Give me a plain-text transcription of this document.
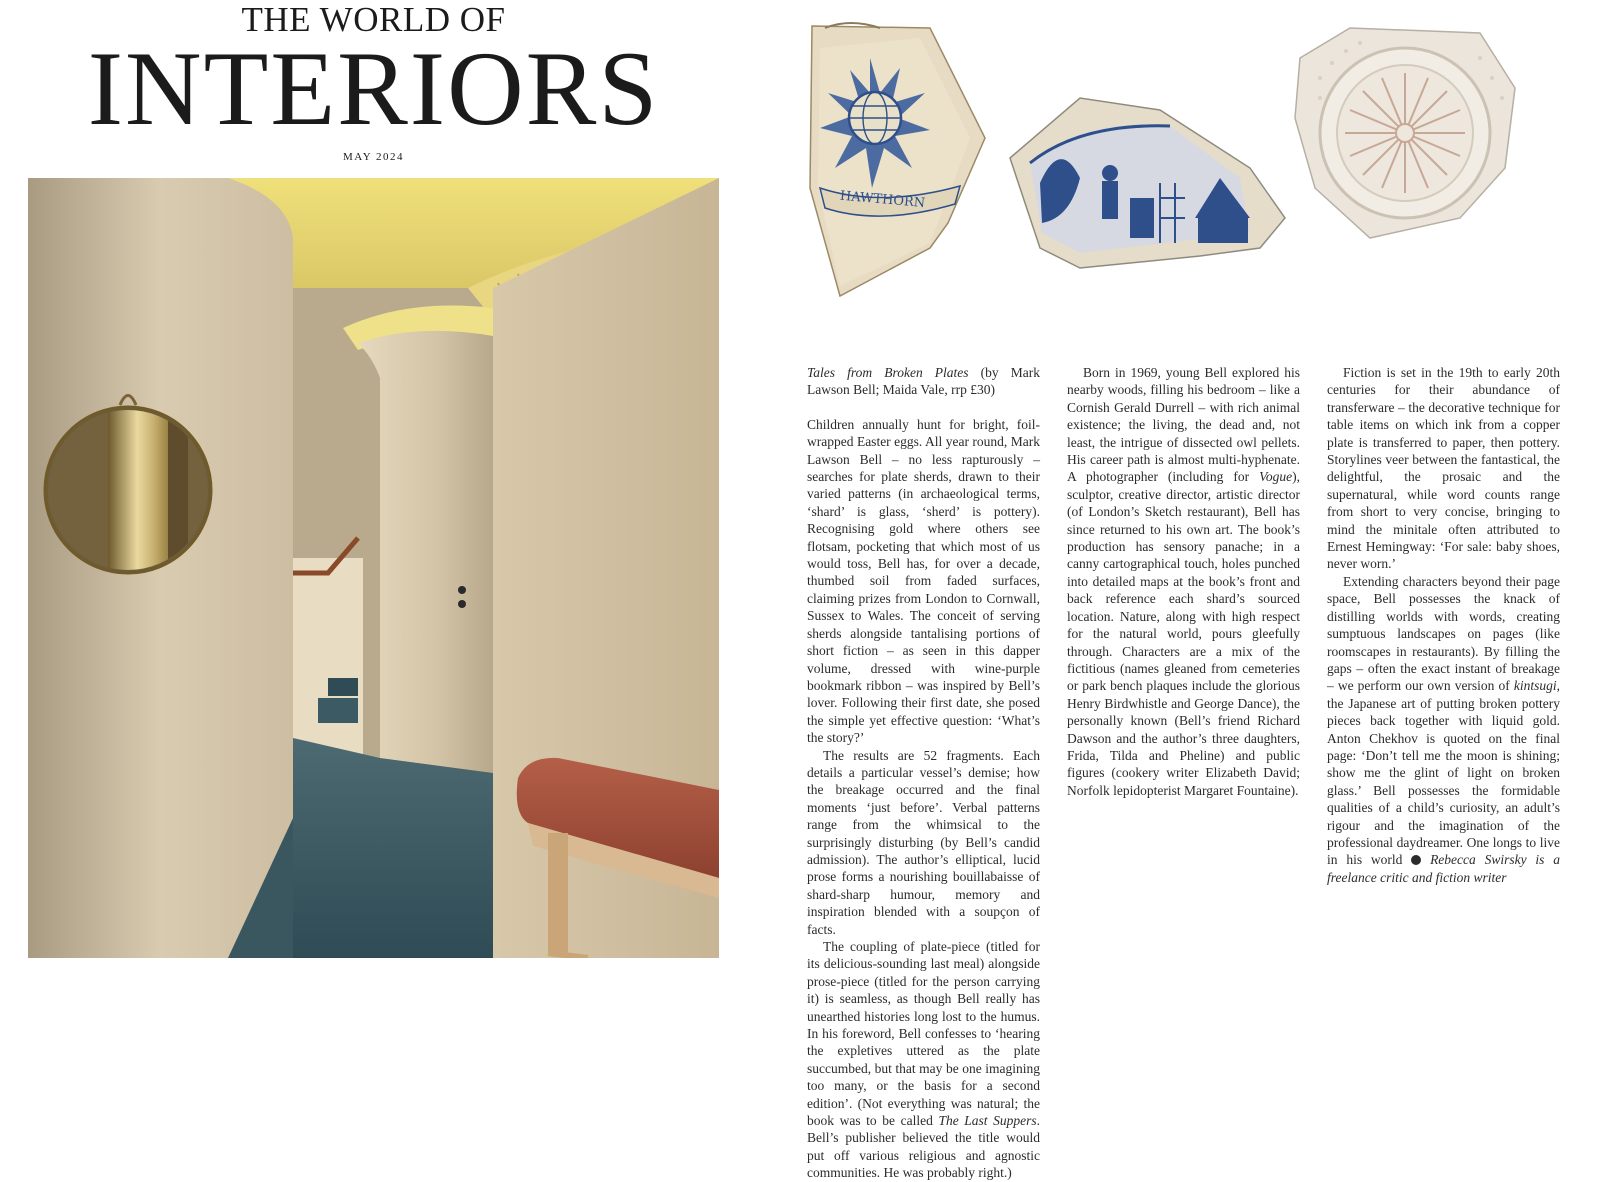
THE WORLD OF
INTERIORS
MAY 2024
HAWTHORN

Tales from Broken Plates (by Mark Lawson Bell; Maida Vale, rrp £30)

Children annually hunt for bright, foil-wrapped Easter eggs. All year round, Mark Lawson Bell – no less rapturously – searches for plate sherds, drawn to their varied patterns (in archaeological terms, ‘shard’ is glass, ‘sherd’ is pottery). Recognising gold where others see flotsam, pocketing that which most of us would toss, Bell has, for over a decade, thumbed soil from faded surfaces, claiming prizes from London to Cornwall, Sussex to Wales. The conceit of serving sherds alongside tantalising portions of short fiction – as seen in this dapper volume, dressed with wine-purple bookmark ribbon – was inspired by Bell’s lover. Following their first date, she posed the simple yet effective question: ‘What’s the story?’

The results are 52 fragments. Each details a particular vessel’s demise; how the breakage occurred and the final moments ‘just before’. Verbal patterns range from the whimsical to the surprisingly disturbing (by Bell’s candid admission). The author’s elliptical, lucid prose forms a nourishing bouillabaisse of shard-sharp humour, memory and inspiration blended with a soupçon of facts.

The coupling of plate-piece (titled for its delicious-sounding last meal) alongside prose-piece (titled for the person carrying it) is seamless, as though Bell really has unearthed histories long lost to the humus. In his foreword, Bell confesses to ‘hearing the expletives uttered as the plate succumbed, but that may be one imagining too many, or the basis for a second edition’. (Not everything was natural; the book was to be called The Last Suppers. Bell’s publisher believed the title would put off various religious and agnostic communities. He was probably right.)

Born in 1969, young Bell explored his nearby woods, filling his bedroom – like a Cornish Gerald Durrell – with rich animal existence; the living, the dead and, not least, the intrigue of dissected owl pellets. His career path is almost multi-hyphenate. A photographer (including for Vogue), sculptor, creative director, artistic director (of London’s Sketch restaurant), Bell has since returned to his own art. The book’s production has sensory panache; in a canny cartographical touch, holes punched into detailed maps at the book’s front and back reference each shard’s sourced location. Nature, along with high respect for the natural world, pours gleefully through. Characters are a mix of the fictitious (names gleaned from cemeteries or park bench plaques include the glorious Henry Birdwhistle and George Dance), the personally known (Bell’s friend Richard Dawson and the author’s three daughters, Frida, Tilda and Pheline) and public figures (cookery writer Elizabeth David; Norfolk lepidopterist Margaret Fountaine).

Fiction is set in the 19th to early 20th centuries for their abundance of transferware – the decorative technique for table items on which ink from a copper plate is transferred to paper, then pottery. Storylines veer between the fantastical, the delightful, the prosaic and the supernatural, while word counts range from short to very concise, bringing to mind the minitale often attributed to Ernest Hemingway: ‘For sale: baby shoes, never worn.’

Extending characters beyond their page space, Bell possesses the knack of distilling worlds with words, creating sumptuous landscapes on pages (like roomscapes in restaurants). By filling the gaps – often the exact instant of breakage – we perform our own version of kintsugi, the Japanese art of putting broken pottery pieces back together with liquid gold. Anton Chekhov is quoted on the final page: ‘Don’t tell me the moon is shining; show me the glint of light on broken glass.’ Bell possesses the formidable qualities of a child’s curiosity, an adult’s rigour and the imagination of the professional daydreamer. One longs to live in his world Rebecca Swirsky is a freelance critic and fiction writer
